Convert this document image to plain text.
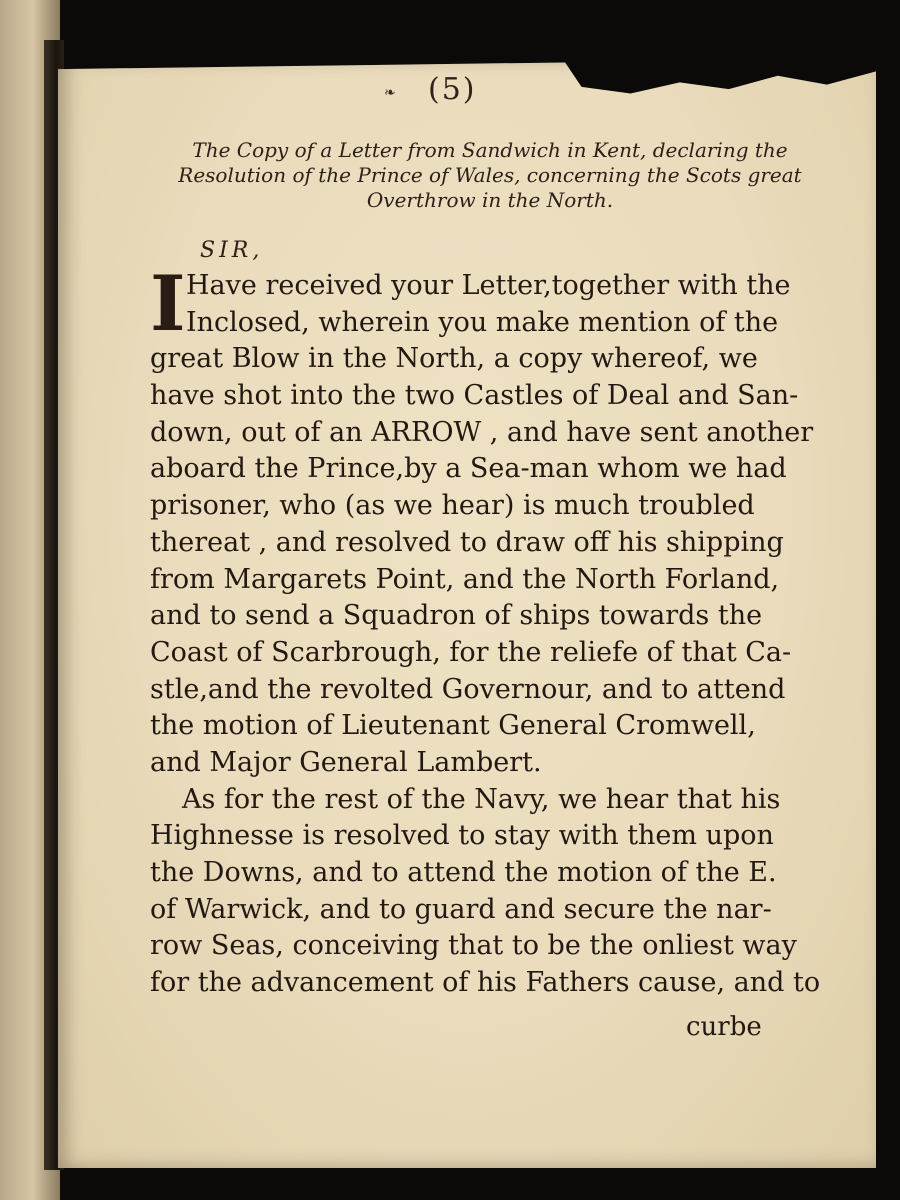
❧	(5)
The Copy of a Letter from Sandwich in Kent, declaring the Resolution of the Prince of Wales, concerning the Scots great Overthrow in the North.
SIR,
I Have received your Letter,together with the
Inclosed, wherein you make mention of the
great Blow in the North, a copy whereof, we
have shot into the two Castles of Deal and San-
down, out of an ARROW , and have sent another
aboard the Prince,by a Sea-man whom we had
prisoner, who (as we hear) is much troubled
thereat , and resolved to draw off his shipping
from Margarets Point, and the North Forland,
and to send a Squadron of ships towards the
Coast of Scarbrough, for the reliefe of that Ca-
stle,and the revolted Governour, and to attend
the motion of Lieutenant General Cromwell,
and Major General Lambert.
As for the rest of the Navy, we hear that his
Highnesse is resolved to stay with them upon
the Downs, and to attend the motion of the E.
of Warwick, and to guard and secure the nar-
row Seas, conceiving that to be the onliest way
for the advancement of his Fathers cause, and to
curbe
